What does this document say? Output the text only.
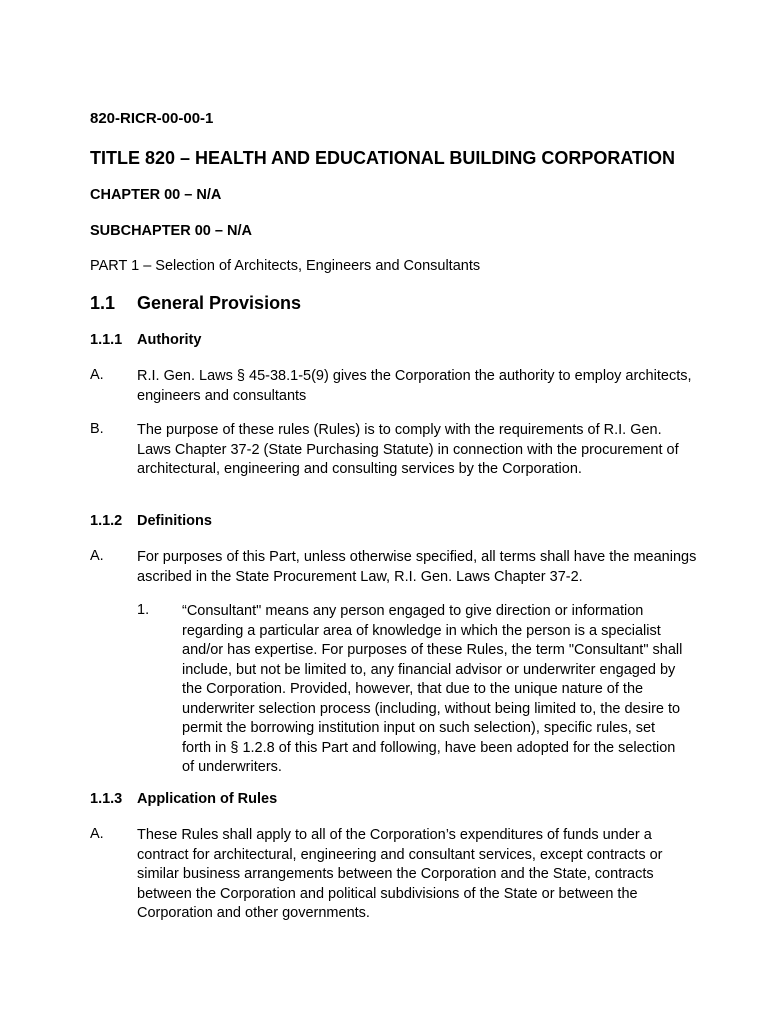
820-RICR-00-00-1
TITLE 820 – HEALTH AND EDUCATIONAL BUILDING CORPORATION
CHAPTER 00 – N/A
SUBCHAPTER 00 – N/A
PART 1 – Selection of Architects, Engineers and Consultants
1.1 General Provisions
1.1.1 Authority
A. R.I. Gen. Laws § 45-38.1-5(9) gives the Corporation the authority to employ architects, engineers and consultants
B. The purpose of these rules (Rules) is to comply with the requirements of R.I. Gen. Laws Chapter 37-2 (State Purchasing Statute) in connection with the procurement of architectural, engineering and consulting services by the Corporation.
1.1.2 Definitions
A. For purposes of this Part, unless otherwise specified, all terms shall have the meanings ascribed in the State Procurement Law, R.I. Gen. Laws Chapter 37-2.
1. “Consultant" means any person engaged to give direction or information regarding a particular area of knowledge in which the person is a specialist and/or has expertise. For purposes of these Rules, the term "Consultant" shall include, but not be limited to, any financial advisor or underwriter engaged by the Corporation. Provided, however, that due to the unique nature of the underwriter selection process (including, without being limited to, the desire to permit the borrowing institution input on such selection), specific rules, set forth in § 1.2.8 of this Part and following, have been adopted for the selection of underwriters.
1.1.3 Application of Rules
A. These Rules shall apply to all of the Corporation’s expenditures of funds under a contract for architectural, engineering and consultant services, except contracts or similar business arrangements between the Corporation and the State, contracts between the Corporation and political subdivisions of the State or between the Corporation and other governments.
